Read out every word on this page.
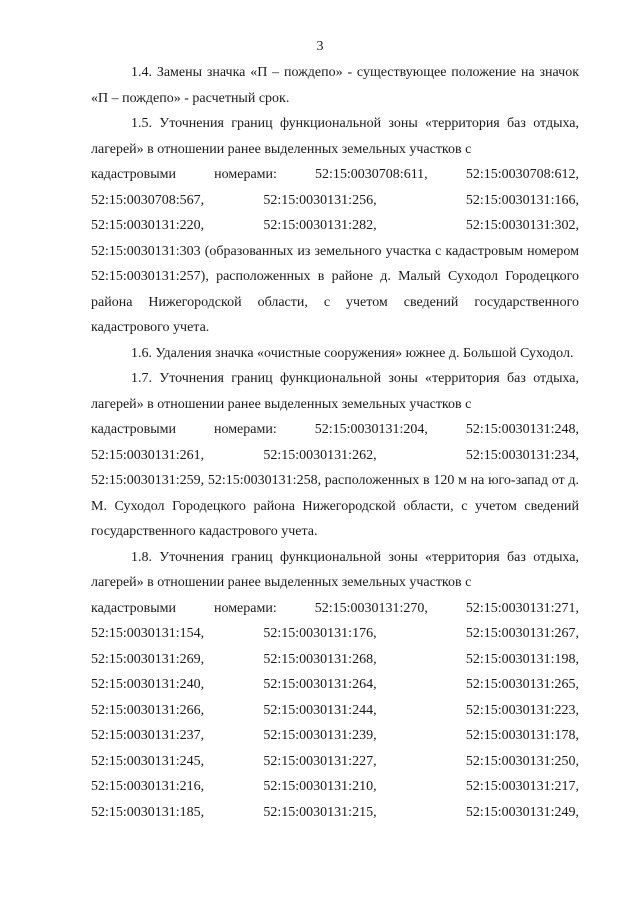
3

1.4. Замены значка «П – пождепо» - существующее положение на значок «П – пождепо» - расчетный срок.

1.5. Уточнения границ функциональной зоны «территория баз отдыха, лагерей» в отношении ранее выделенных земельных участков с

кадастровыми	номерами:	52:15:0030708:611,	52:15:0030708:612,
52:15:0030708:567,	52:15:0030131:256,	52:15:0030131:166,
52:15:0030131:220,	52:15:0030131:282,	52:15:0030131:302,

52:15:0030131:303 (образованных из земельного участка с кадастровым номером 52:15:0030131:257), расположенных в районе д. Малый Суходол Городецкого района Нижегородской области, с учетом сведений государственного кадастрового учета.

1.6. Удаления значка «очистные сооружения» южнее д. Большой Суходол.

1.7. Уточнения границ функциональной зоны «территория баз отдыха, лагерей» в отношении ранее выделенных земельных участков с

кадастровыми	номерами:	52:15:0030131:204,	52:15:0030131:248,
52:15:0030131:261,	52:15:0030131:262,	52:15:0030131:234,

52:15:0030131:259, 52:15:0030131:258, расположенных в 120 м на юго-запад от д. М. Суходол Городецкого района Нижегородской области, с учетом сведений государственного кадастрового учета.

1.8. Уточнения границ функциональной зоны «территория баз отдыха, лагерей» в отношении ранее выделенных земельных участков с

кадастровыми	номерами:	52:15:0030131:270,	52:15:0030131:271,
52:15:0030131:154,	52:15:0030131:176,	52:15:0030131:267,
52:15:0030131:269,	52:15:0030131:268,	52:15:0030131:198,
52:15:0030131:240,	52:15:0030131:264,	52:15:0030131:265,
52:15:0030131:266,	52:15:0030131:244,	52:15:0030131:223,
52:15:0030131:237,	52:15:0030131:239,	52:15:0030131:178,
52:15:0030131:245,	52:15:0030131:227,	52:15:0030131:250,
52:15:0030131:216,	52:15:0030131:210,	52:15:0030131:217,
52:15:0030131:185,	52:15:0030131:215,	52:15:0030131:249,
